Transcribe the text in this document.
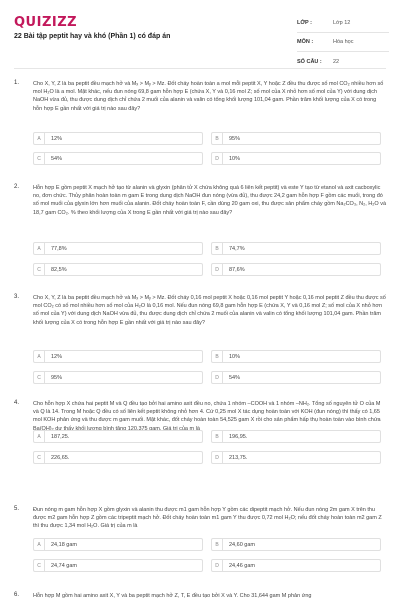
QUIZIZZ
22 Bài tập peptit hay và khó (Phần 1) có đáp án
LỚP :	Lớp 12
MÔN :	Hóa học
SỐ CÂU :	22
1.	Cho X, Y, Z là ba peptit đều mạch hở và Mₓ > Mᵧ > Mz. Đốt cháy hoàn toàn a mol mỗi peptit X, Y hoặc Z đều thu được số mol CO₂ nhiều hơn số mol H₂O là a mol. Mặt khác, nếu đun nóng 69,8 gam hỗn hợp E (chứa X, Y và 0,16 mol Z; số mol của X nhỏ hơn số mol của Y) với dung dịch NaOH vừa đủ, thu được dung dịch chỉ chứa 2 muối của alanin và valin có tổng khối lượng 101,04 gam. Phần trăm khối lượng của X có trong hỗn hợp E gần nhất với giá trị nào sau đây?
A	12%	B	95%
C	54%	D	10%
2.	Hỗn hợp E gồm peptit X mạch hở tạo từ alanin và glyxin (phân tử X chứa không quá 6 liên kết peptit) và este Y tạo từ etanol và axit cacboxylic no, đơn chức. Thủy phân hoàn toàn m gam E trong dung dịch NaOH đun nóng (vừa đủ), thu được 24,2 gam hỗn hợp F gồm các muối, trong đó số mol muối của glyxin lớn hơn muối của alanin. Đốt cháy hoàn toàn F, cần dùng 20 gam oxi, thu được sản phẩm cháy gồm Na₂CO₃, N₂, H₂O và 18,7 gam CO₂. % theo khối lượng của X trong E gần nhất với giá trị nào sau đây?
A	77,8%	B	74,7%
C	82,5%	D	87,6%
3.	Cho X, Y, Z là ba peptit đều mạch hở và Mₓ > Mᵧ > Mz. Đốt cháy 0,16 mol peptit X hoặc 0,16 mol peptit Y hoặc 0,16 mol peptit Z đều thu được số mol CO₂ có số mol nhiều hơn số mol của H₂O là 0,16 mol. Nếu đun nóng 69,8 gam hỗn hợp E (chứa X, Y và 0,16 mol Z; số mol của X nhỏ hơn số mol của Y) với dung dịch NaOH vừa đủ, thu được dung dịch chỉ chứa 2 muối của alanin và valin có tổng khối lượng 101,04 gam. Phần trăm khối lượng của X có trong hỗn hợp E gần nhất với giá trị nào sau đây?
A	12%	B	10%
C	95%	D	54%
4.	Cho hỗn hợp X chứa hai peptit M và Q đều tạo bởi hai amino axit đều no, chứa 1 nhóm –COOH và 1 nhóm –NH₂. Tổng số nguyên tử O của M và Q là 14. Trong M hoặc Q đều có số liên kết peptit không nhỏ hơn 4. Cứ 0,25 mol X tác dụng hoàn toàn với KOH (đun nóng) thì thấy có 1,65 mol KOH phản ứng và thu được m gam muối. Mặt khác, đốt cháy hoàn toàn 54,525 gam X rồi cho sản phẩm hấp thụ hoàn toàn vào bình chứa Ba(OH)₂ dư thấy khối lượng bình tăng 120,375 gam. Giá trị của m là
A	187,25.	B	196,95.
C	226,65.	D	213,75.
5.	Đun nóng m gam hỗn hợp X gồm glyxin và alanin thu được m1 gam hỗn hợp Y gồm các dipeptit mạch hở. Nếu đun nóng 2m gam X trên thu được m2 gam hỗn hợp Z gồm các tripeptit mạch hở. Đốt cháy hoàn toàn m1 gam Y thu được 0,72 mol H₂O; nếu đốt cháy hoàn toàn m2 gam Z thì thu được 1,34 mol H₂O. Giá trị của m là
A	24,18 gam	B	24,60 gam
C	24,74 gam	D	24,46 gam
6.	Hỗn hợp M gồm hai amino axit X, Y và ba peptit mạch hở Z, T, E đều tạo bởi X và Y. Cho 31,644 gam M phản ứng
